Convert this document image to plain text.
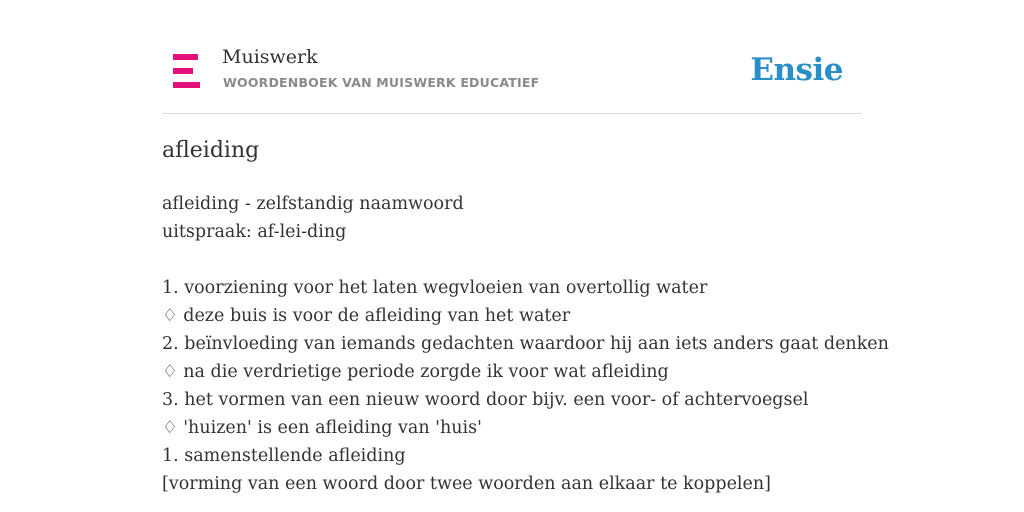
Muiswerk
WOORDENBOEK VAN MUISWERK EDUCATIEF	Ensie
afleiding
afleiding - zelfstandig naamwoord
uitspraak: af-lei-ding
1. voorziening voor het laten wegvloeien van overtollig water
♢ deze buis is voor de afleiding van het water
2. beïnvloeding van iemands gedachten waardoor hij aan iets anders gaat denken
♢ na die verdrietige periode zorgde ik voor wat afleiding
3. het vormen van een nieuw woord door bijv. een voor- of achtervoegsel
♢ 'huizen' is een afleiding van 'huis'
1. samenstellende afleiding
[vorming van een woord door twee woorden aan elkaar te koppelen]
